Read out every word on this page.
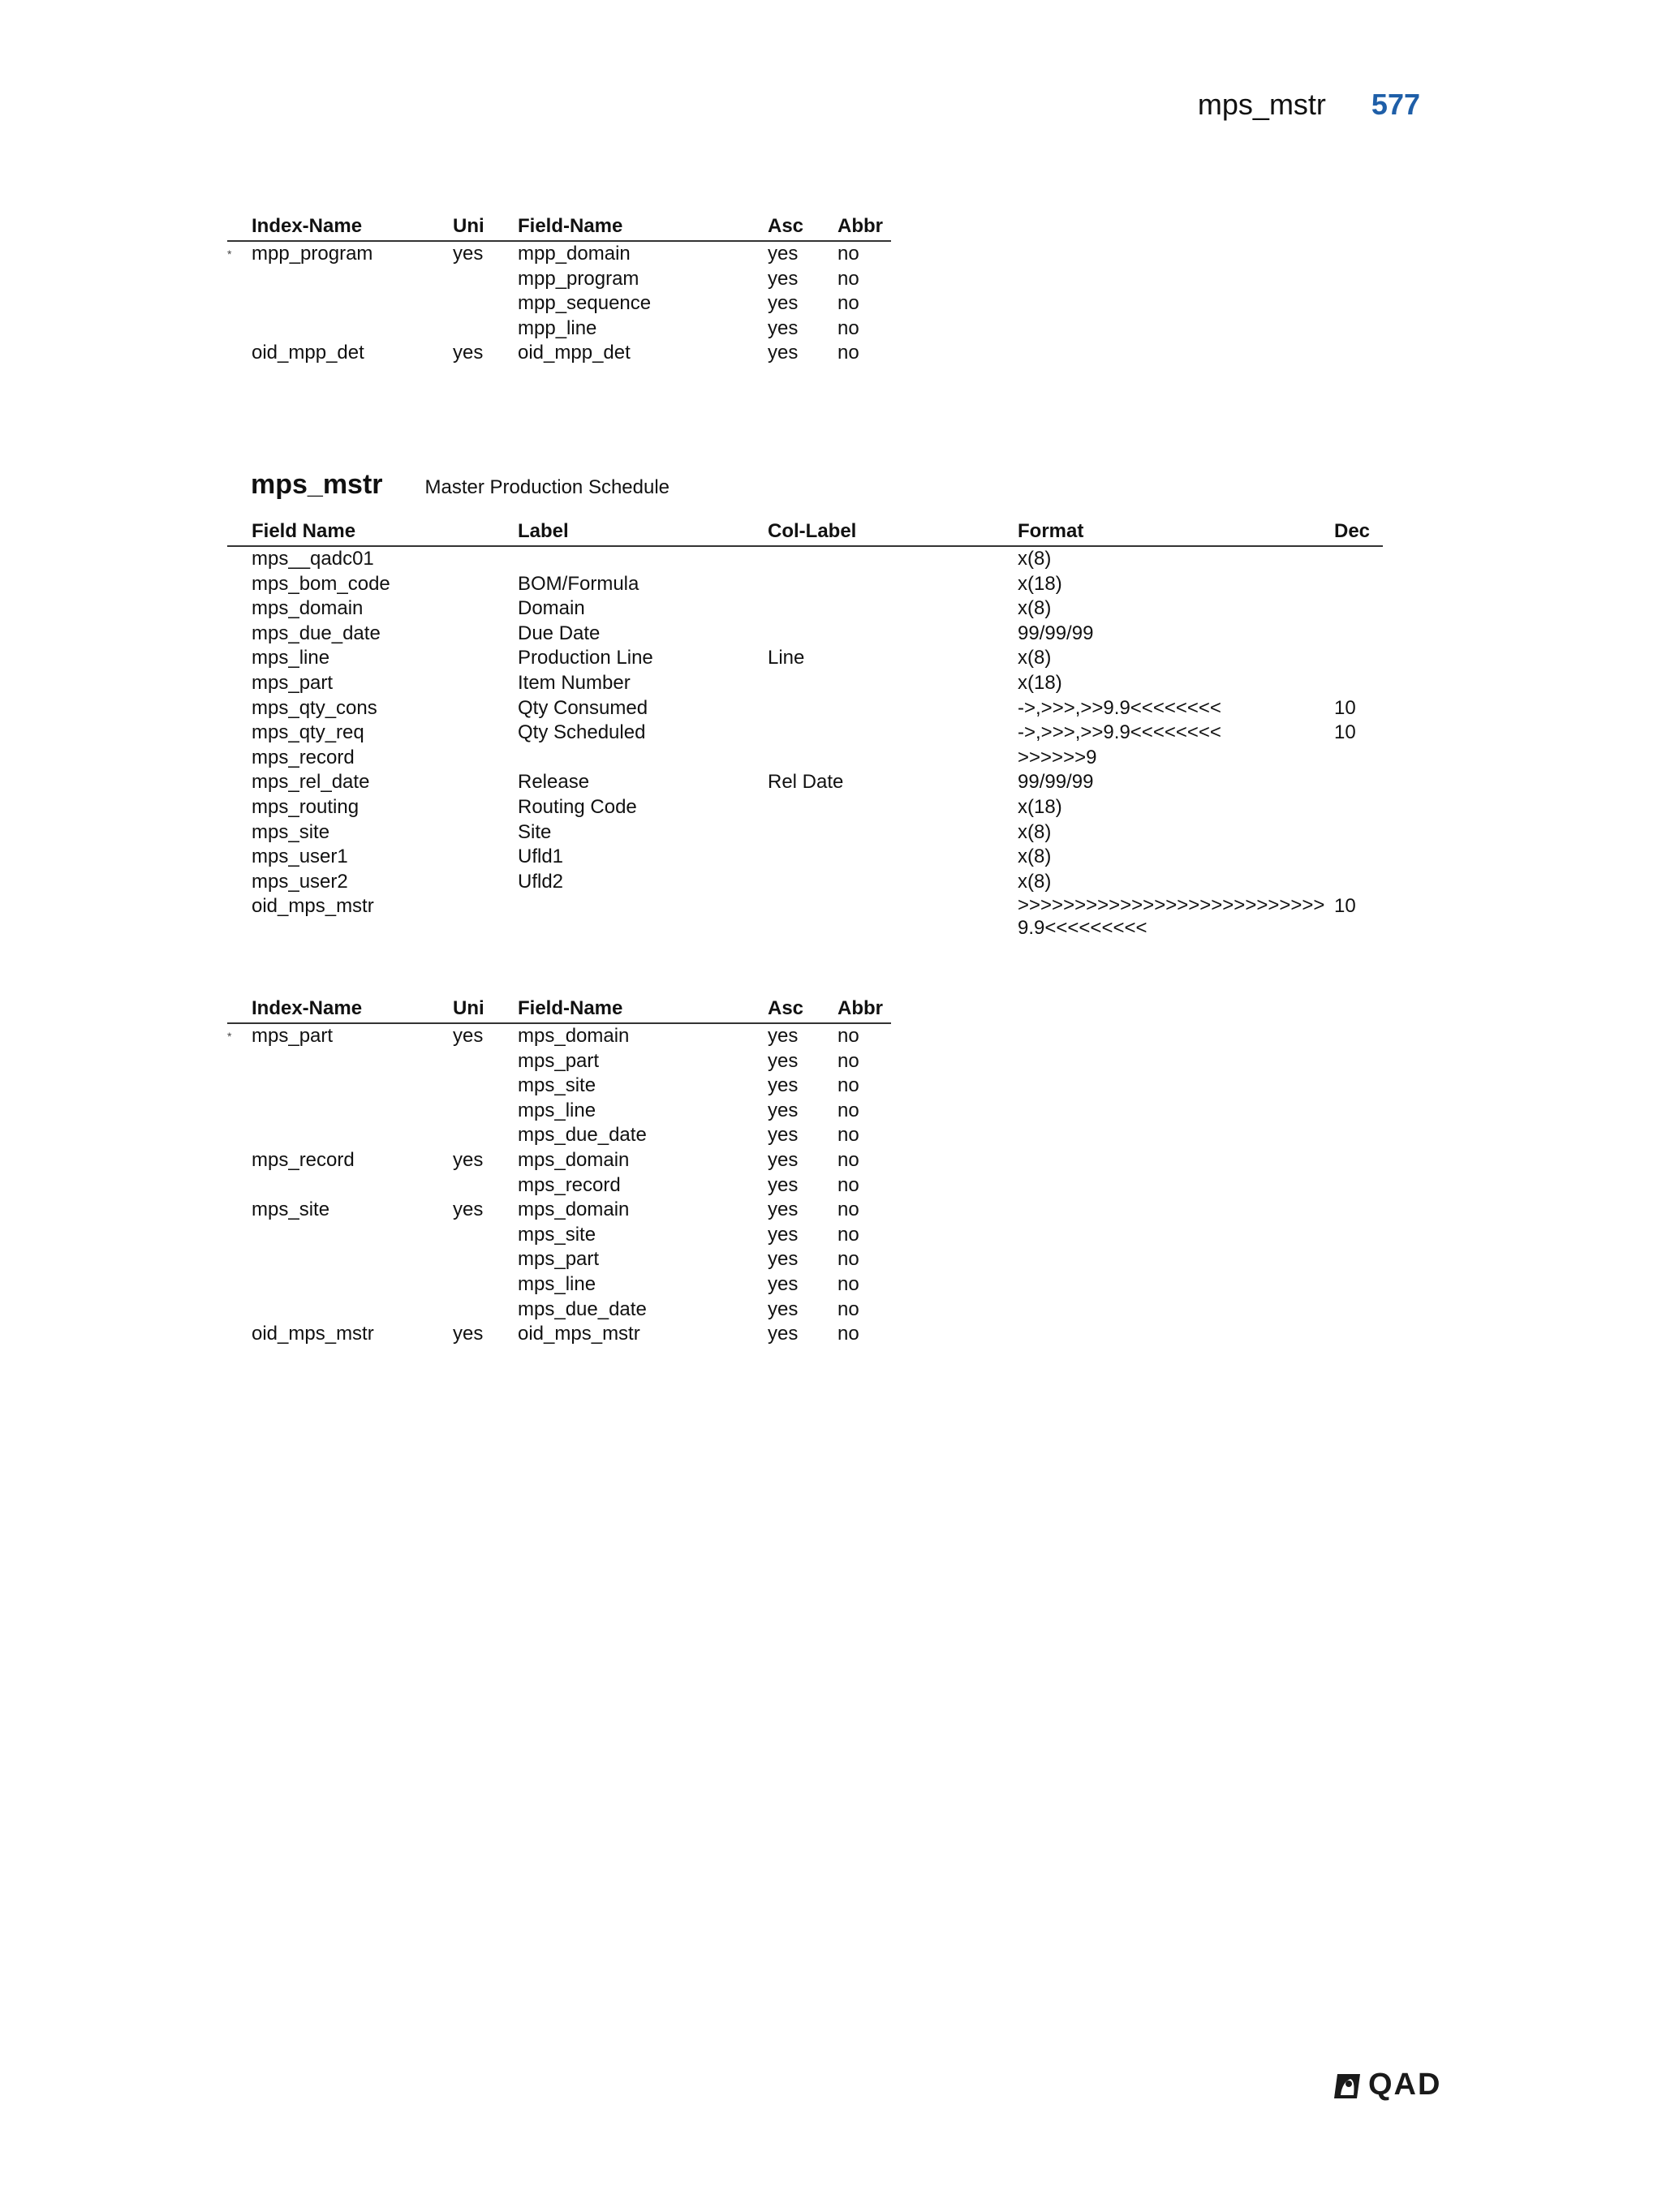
mps_mstr 577
	Index-Name	Uni	Field-Name	Asc	Abbr
*	mpp_program	yes	mpp_domain	yes	no
			mpp_program	yes	no
			mpp_sequence	yes	no
			mpp_line	yes	no
	oid_mpp_det	yes	oid_mpp_det	yes	no
mps_mstr Master Production Schedule
	Field Name	Label	Col-Label	Format	Dec
	mps__qadc01			x(8)	
	mps_bom_code	BOM/Formula		x(18)	
	mps_domain	Domain		x(8)	
	mps_due_date	Due Date		99/99/99	
	mps_line	Production Line	Line	x(8)	
	mps_part	Item Number		x(18)	
	mps_qty_cons	Qty Consumed		->,>>>,>>9.9<<<<<<<<	10
	mps_qty_req	Qty Scheduled		->,>>>,>>9.9<<<<<<<<	10
	mps_record			>>>>>>9	
	mps_rel_date	Release	Rel Date	99/99/99	
	mps_routing	Routing Code		x(18)	
	mps_site	Site		x(8)	
	mps_user1	Ufld1		x(8)	
	mps_user2	Ufld2		x(8)	
	oid_mps_mstr			>>>>>>>>>>>>>>>>>>>>>>>>>>>9.9<<<<<<<<<	10
	Index-Name	Uni	Field-Name	Asc	Abbr
*	mps_part	yes	mps_domain	yes	no
			mps_part	yes	no
			mps_site	yes	no
			mps_line	yes	no
			mps_due_date	yes	no
	mps_record	yes	mps_domain	yes	no
			mps_record	yes	no
	mps_site	yes	mps_domain	yes	no
			mps_site	yes	no
			mps_part	yes	no
			mps_line	yes	no
			mps_due_date	yes	no
	oid_mps_mstr	yes	oid_mps_mstr	yes	no
QAD
